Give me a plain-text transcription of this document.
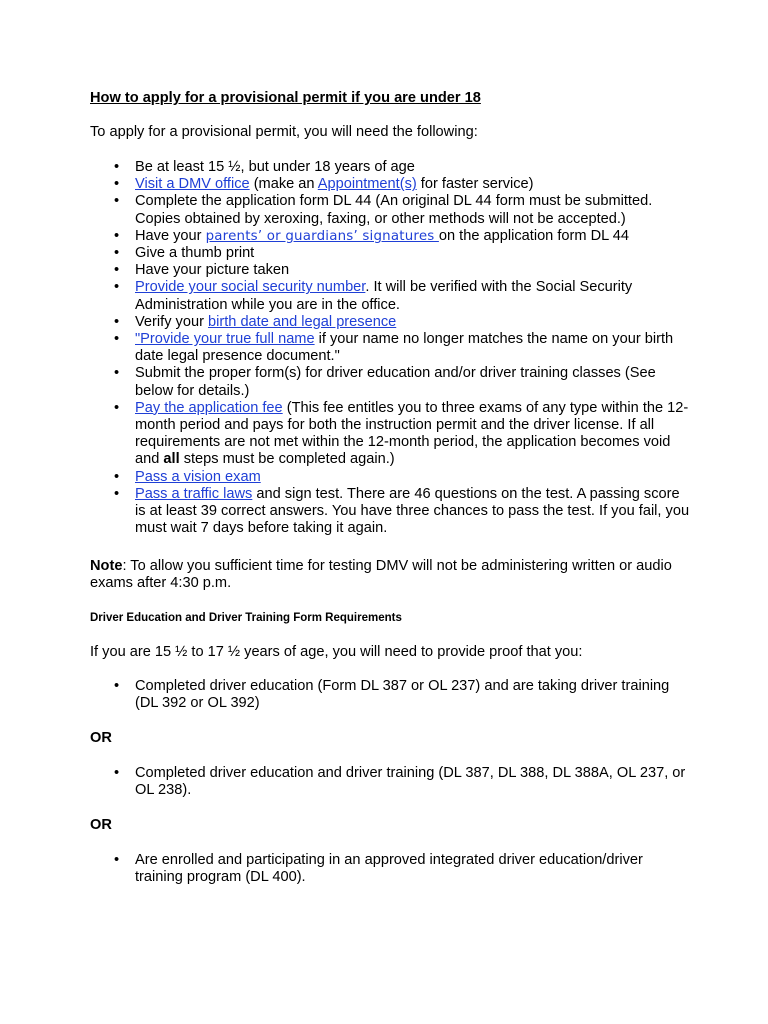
How to apply for a provisional permit if you are under 18

To apply for a provisional permit, you will need the following:

• Be at least 15 ½, but under 18 years of age
• Visit a DMV office (make an Appointment(s) for faster service)
• Complete the application form DL 44 (An original DL 44 form must be submitted. Copies obtained by xeroxing, faxing, or other methods will not be accepted.)
• Have your parents’ or guardians’ signatures on the application form DL 44
• Give a thumb print
• Have your picture taken
• Provide your social security number. It will be verified with the Social Security Administration while you are in the office.
• Verify your birth date and legal presence
• "Provide your true full name if your name no longer matches the name on your birth date legal presence document."
• Submit the proper form(s) for driver education and/or driver training classes (See below for details.)
• Pay the application fee (This fee entitles you to three exams of any type within the 12-month period and pays for both the instruction permit and the driver license. If all requirements are not met within the 12-month period, the application becomes void and all steps must be completed again.)
• Pass a vision exam
• Pass a traffic laws and sign test. There are 46 questions on the test. A passing score is at least 39 correct answers. You have three chances to pass the test. If you fail, you must wait 7 days before taking it again.

Note: To allow you sufficient time for testing DMV will not be administering written or audio exams after 4:30 p.m.

Driver Education and Driver Training Form Requirements

If you are 15 ½ to 17 ½ years of age, you will need to provide proof that you:

• Completed driver education (Form DL 387 or OL 237) and are taking driver training (DL 392 or OL 392)

OR

• Completed driver education and driver training (DL 387, DL 388, DL 388A, OL 237, or OL 238).

OR

• Are enrolled and participating in an approved integrated driver education/driver training program (DL 400).
